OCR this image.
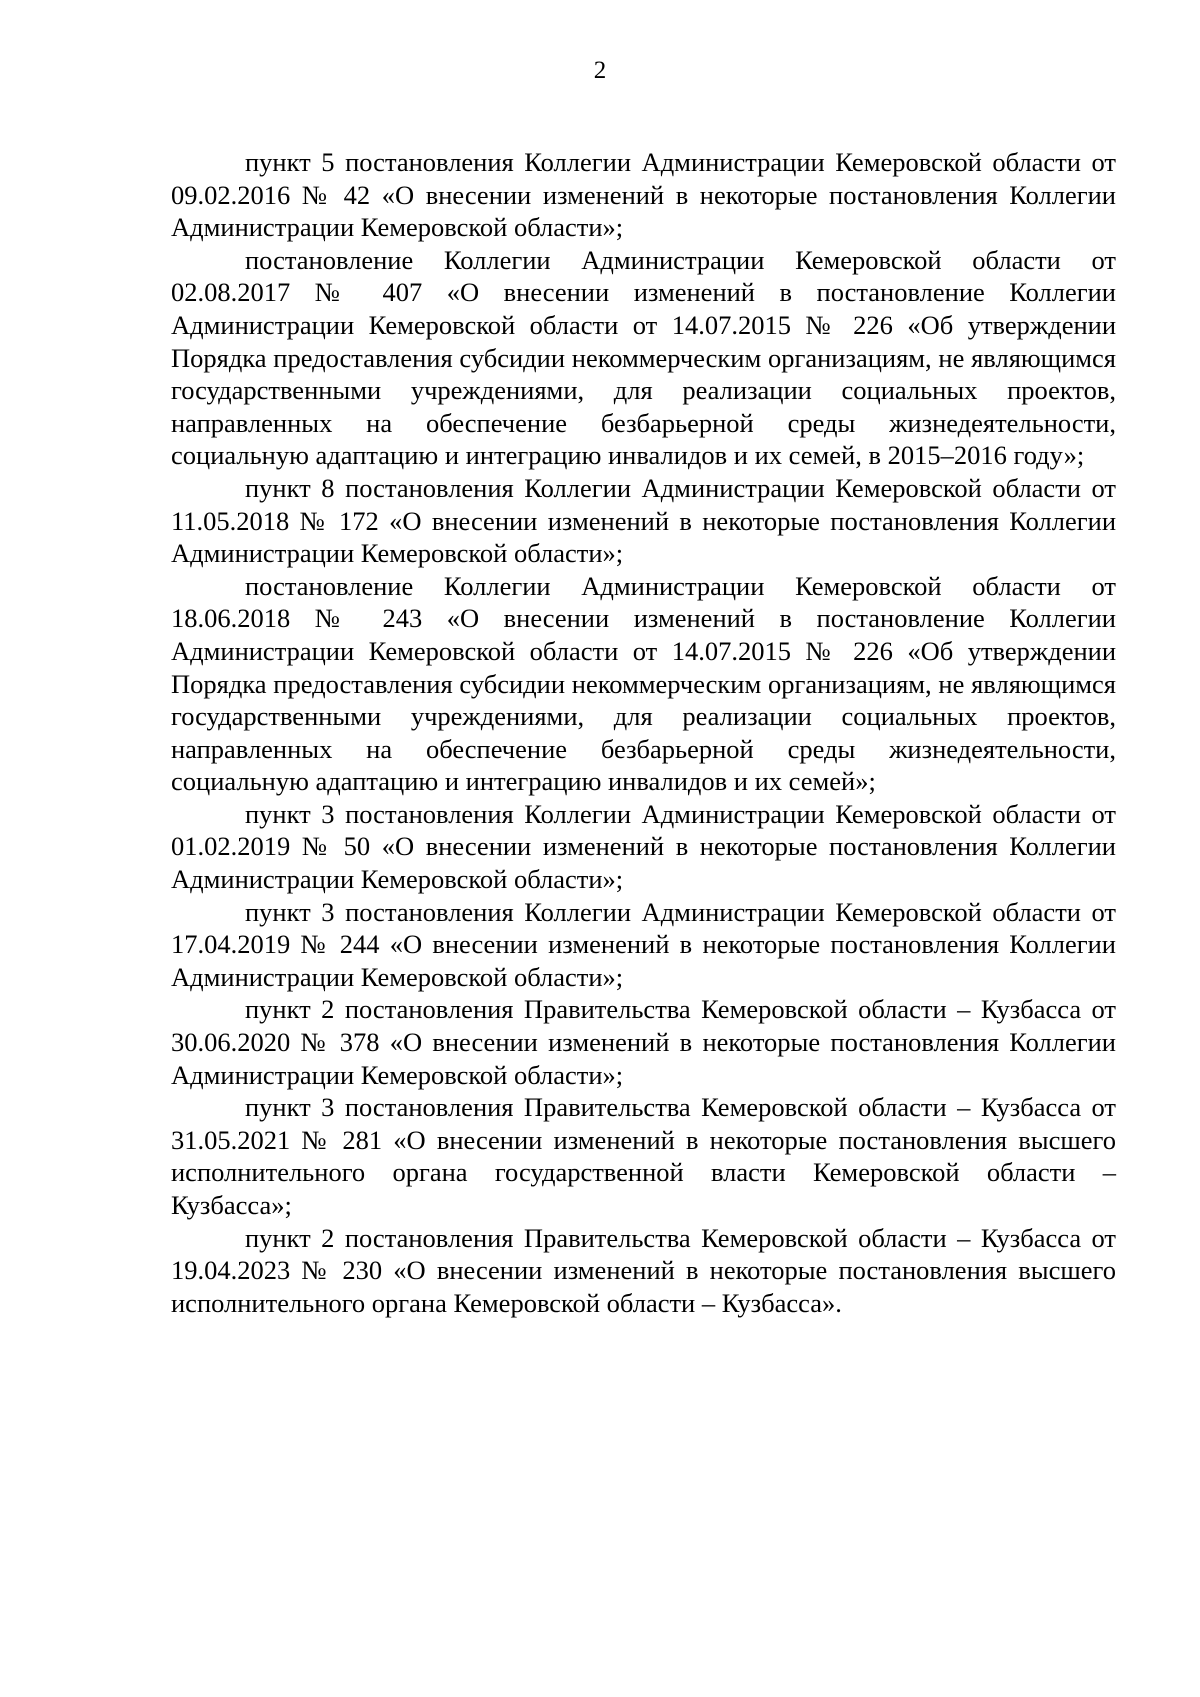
2

пункт 5 постановления Коллегии Администрации Кемеровской области от 09.02.2016 № 42 «О внесении изменений в некоторые постановления Коллегии Администрации Кемеровской области»;

постановление Коллегии Администрации Кемеровской области от 02.08.2017 № 407 «О внесении изменений в постановление Коллегии Администрации Кемеровской области от 14.07.2015 № 226 «Об утверждении Порядка предоставления субсидии некоммерческим организациям, не являющимся государственными учреждениями, для реализации социальных проектов, направленных на обеспечение безбарьерной среды жизнедеятельности, социальную адаптацию и интеграцию инвалидов и их семей, в 2015–2016 году»;

пункт 8 постановления Коллегии Администрации Кемеровской области от 11.05.2018 № 172 «О внесении изменений в некоторые постановления Коллегии Администрации Кемеровской области»;

постановление Коллегии Администрации Кемеровской области от 18.06.2018 № 243 «О внесении изменений в постановление Коллегии Администрации Кемеровской области от 14.07.2015 № 226 «Об утверждении Порядка предоставления субсидии некоммерческим организациям, не являющимся государственными учреждениями, для реализации социальных проектов, направленных на обеспечение безбарьерной среды жизнедеятельности, социальную адаптацию и интеграцию инвалидов и их семей»;

пункт 3 постановления Коллегии Администрации Кемеровской области от 01.02.2019 № 50 «О внесении изменений в некоторые постановления Коллегии Администрации Кемеровской области»;

пункт 3 постановления Коллегии Администрации Кемеровской области от 17.04.2019 № 244 «О внесении изменений в некоторые постановления Коллегии Администрации Кемеровской области»;

пункт 2 постановления Правительства Кемеровской области – Кузбасса от 30.06.2020 № 378 «О внесении изменений в некоторые постановления Коллегии Администрации Кемеровской области»;

пункт 3 постановления Правительства Кемеровской области – Кузбасса от 31.05.2021 № 281 «О внесении изменений в некоторые постановления высшего исполнительного органа государственной власти Кемеровской области – Кузбасса»;

пункт 2 постановления Правительства Кемеровской области – Кузбасса от 19.04.2023 № 230 «О внесении изменений в некоторые постановления высшего исполнительного органа Кемеровской области – Кузбасса».
